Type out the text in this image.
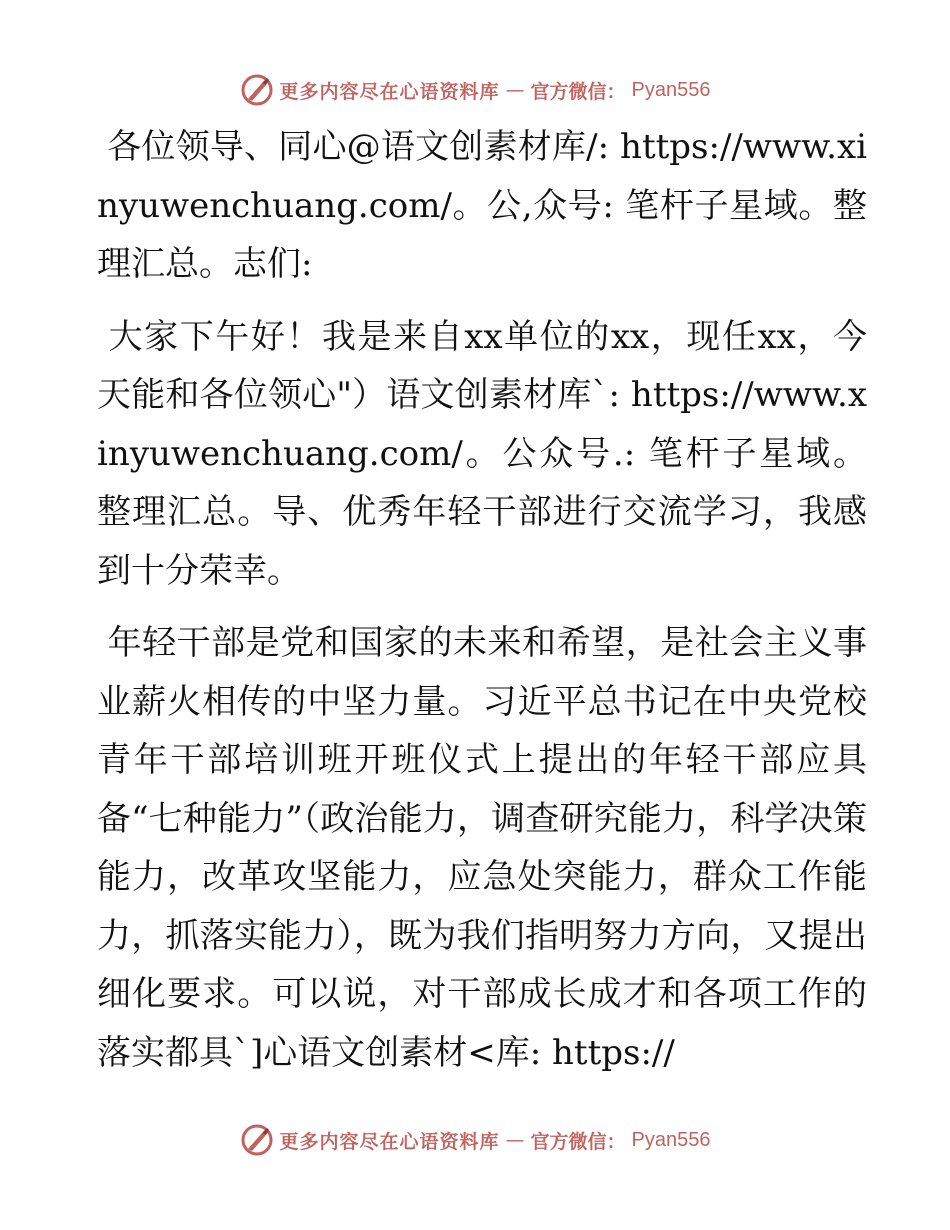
更多内容尽在心语资料库 — 官方微信： Pyan556

各位领导、同心@语文创素材库/: https://www.xinyuwenchuang.com/。公,众号: 笔杆子星域。整理汇总。志们:

大家下午好！我是来自xx单位的xx，现任xx，今天能和各位领心"）语文创素材库`: https://www.xinyuwenchuang.com/。公众号.: 笔杆子星域。整理汇总。导、优秀年轻干部进行交流学习，我感到十分荣幸。

年轻干部是党和国家的未来和希望，是社会主义事业薪火相传的中坚力量。习近平总书记在中央党校青年干部培训班开班仪式上提出的年轻干部应具备“七种能力”（政治能力，调查研究能力，科学决策能力，改革攻坚能力，应急处突能力，群众工作能力，抓落实能力），既为我们指明努力方向，又提出细化要求。可以说，对干部成长成才和各项工作的落实都具`]心语文创素材<库: https://

更多内容尽在心语资料库 — 官方微信： Pyan556
